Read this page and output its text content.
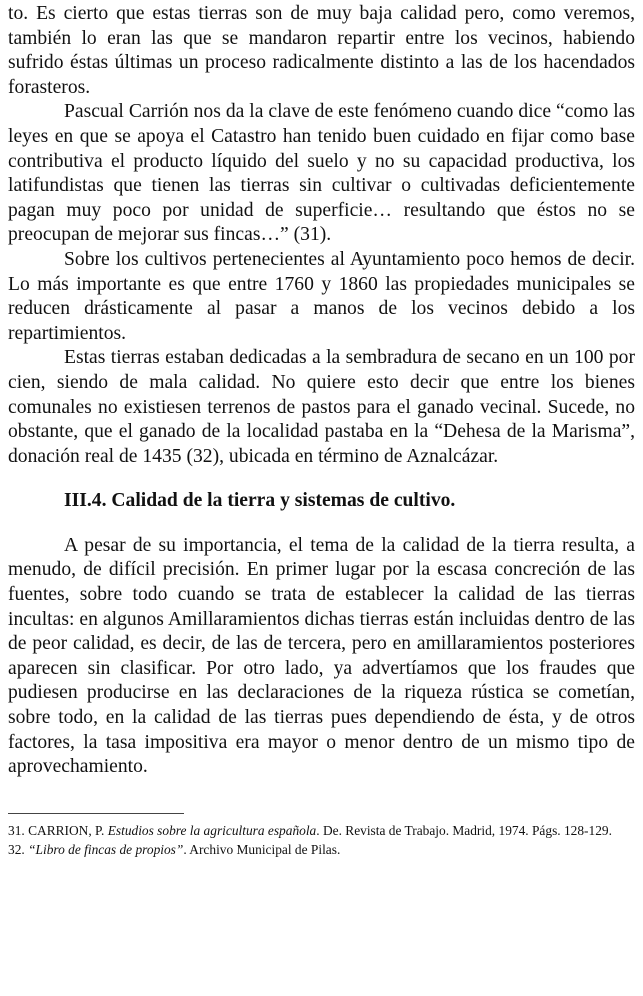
to. Es cierto que estas tierras son de muy baja calidad pero, como veremos, también lo eran las que se mandaron repartir entre los vecinos, habiendo sufrido éstas últimas un proceso radicalmente distinto a las de los hacendados forasteros.

Pascual Carrión nos da la clave de este fenómeno cuando dice “como las leyes en que se apoya el Catastro han tenido buen cuidado en fijar como base contributiva el producto líquido del suelo y no su capacidad productiva, los latifundistas que tienen las tierras sin cultivar o cultivadas deficientemente pagan muy poco por unidad de superficie… resultando que éstos no se preocupan de mejorar sus fincas…” (31).

Sobre los cultivos pertenecientes al Ayuntamiento poco hemos de decir. Lo más importante es que entre 1760 y 1860 las propiedades municipales se reducen drásticamente al pasar a manos de los vecinos debido a los repartimientos.

Estas tierras estaban dedicadas a la sembradura de secano en un 100 por cien, siendo de mala calidad. No quiere esto decir que entre los bienes comunales no existiesen terrenos de pastos para el ganado vecinal. Sucede, no obstante, que el ganado de la localidad pastaba en la “Dehesa de la Marisma”, donación real de 1435 (32), ubicada en término de Aznalcázar.

III.4. Calidad de la tierra y sistemas de cultivo.

A pesar de su importancia, el tema de la calidad de la tierra resulta, a menudo, de difícil precisión. En primer lugar por la escasa concreción de las fuentes, sobre todo cuando se trata de establecer la calidad de las tierras incultas: en algunos Amillaramientos dichas tierras están incluidas dentro de las de peor calidad, es decir, de las de tercera, pero en amillaramientos posteriores aparecen sin clasificar. Por otro lado, ya advertíamos que los fraudes que pudiesen producirse en las declaraciones de la riqueza rústica se cometían, sobre todo, en la calidad de las tierras pues dependiendo de ésta, y de otros factores, la tasa impositiva era mayor o menor dentro de un mismo tipo de aprovechamiento.

31. CARRION, P. Estudios sobre la agricultura española. De. Revista de Trabajo. Madrid, 1974. Págs. 128-129.

32. “Libro de fincas de propios”. Archivo Municipal de Pilas.
